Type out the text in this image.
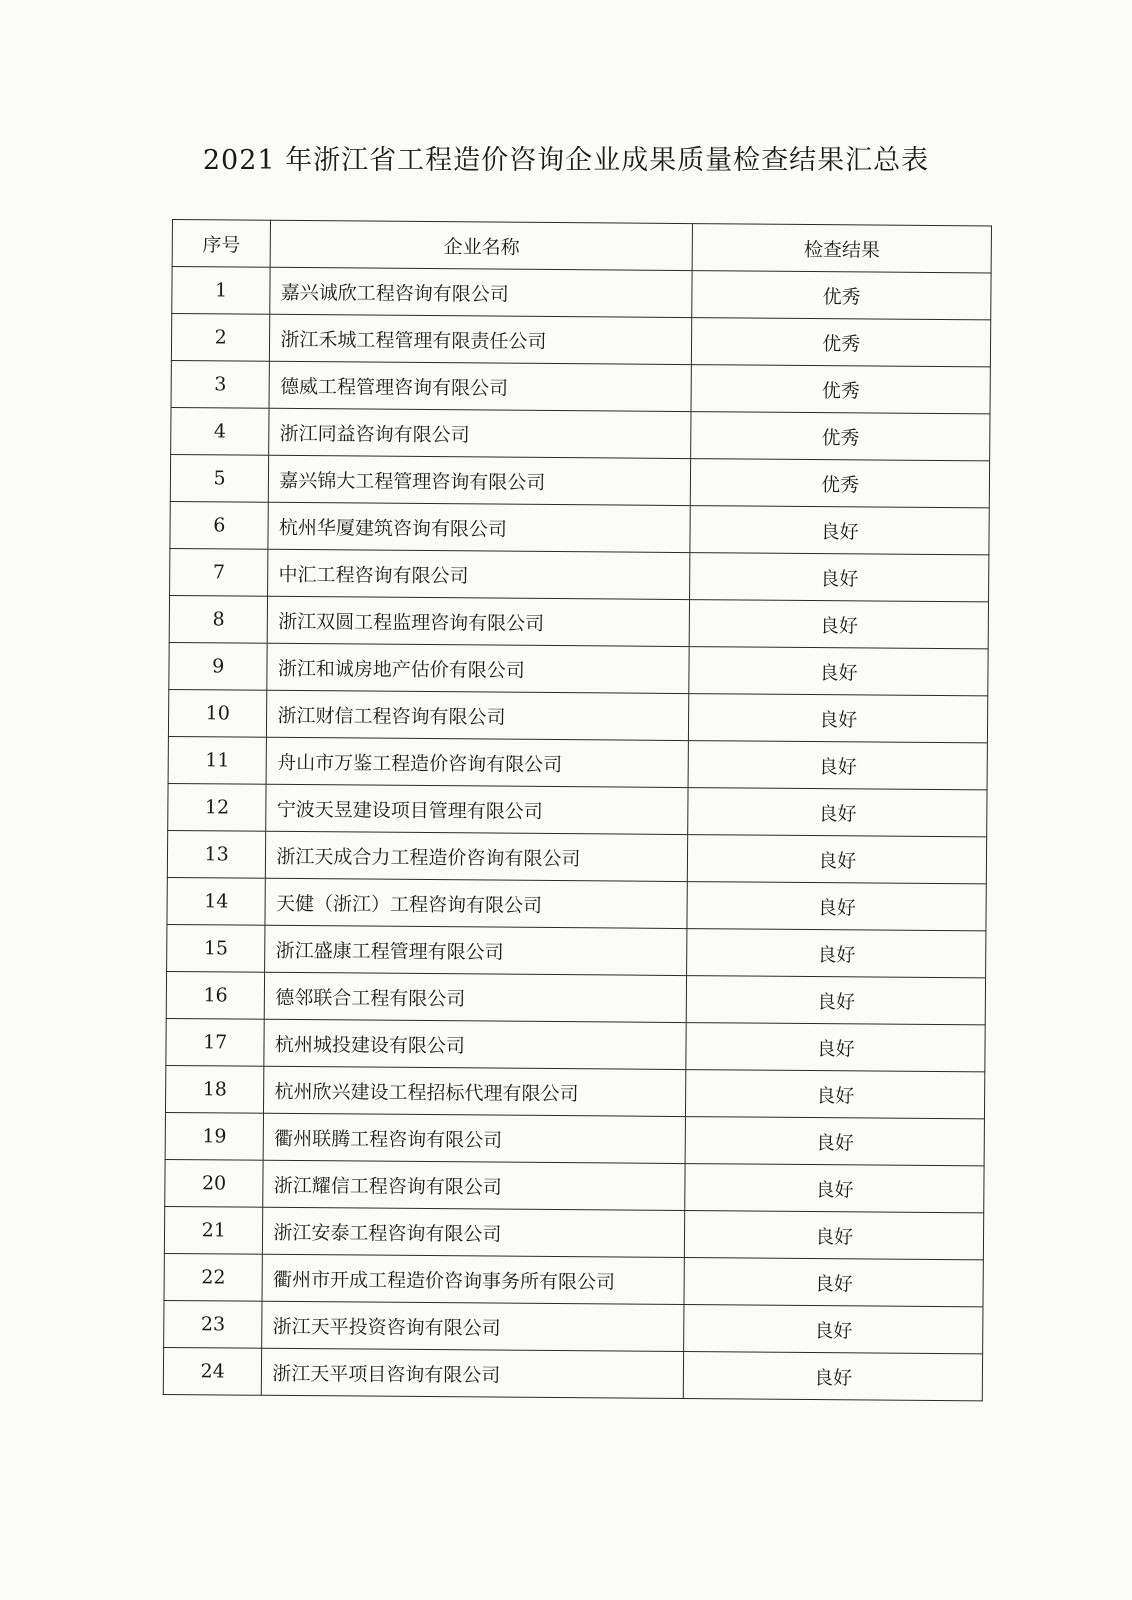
2021 年浙江省工程造价咨询企业成果质量检查结果汇总表
序号	企业名称	检查结果
1	嘉兴诚欣工程咨询有限公司	优秀
2	浙江禾城工程管理有限责任公司	优秀
3	德威工程管理咨询有限公司	优秀
4	浙江同益咨询有限公司	优秀
5	嘉兴锦大工程管理咨询有限公司	优秀
6	杭州华厦建筑咨询有限公司	良好
7	中汇工程咨询有限公司	良好
8	浙江双圆工程监理咨询有限公司	良好
9	浙江和诚房地产估价有限公司	良好
10	浙江财信工程咨询有限公司	良好
11	舟山市万鉴工程造价咨询有限公司	良好
12	宁波天昱建设项目管理有限公司	良好
13	浙江天成合力工程造价咨询有限公司	良好
14	天健（浙江）工程咨询有限公司	良好
15	浙江盛康工程管理有限公司	良好
16	德邻联合工程有限公司	良好
17	杭州城投建设有限公司	良好
18	杭州欣兴建设工程招标代理有限公司	良好
19	衢州联腾工程咨询有限公司	良好
20	浙江耀信工程咨询有限公司	良好
21	浙江安泰工程咨询有限公司	良好
22	衢州市开成工程造价咨询事务所有限公司	良好
23	浙江天平投资咨询有限公司	良好
24	浙江天平项目咨询有限公司	良好
